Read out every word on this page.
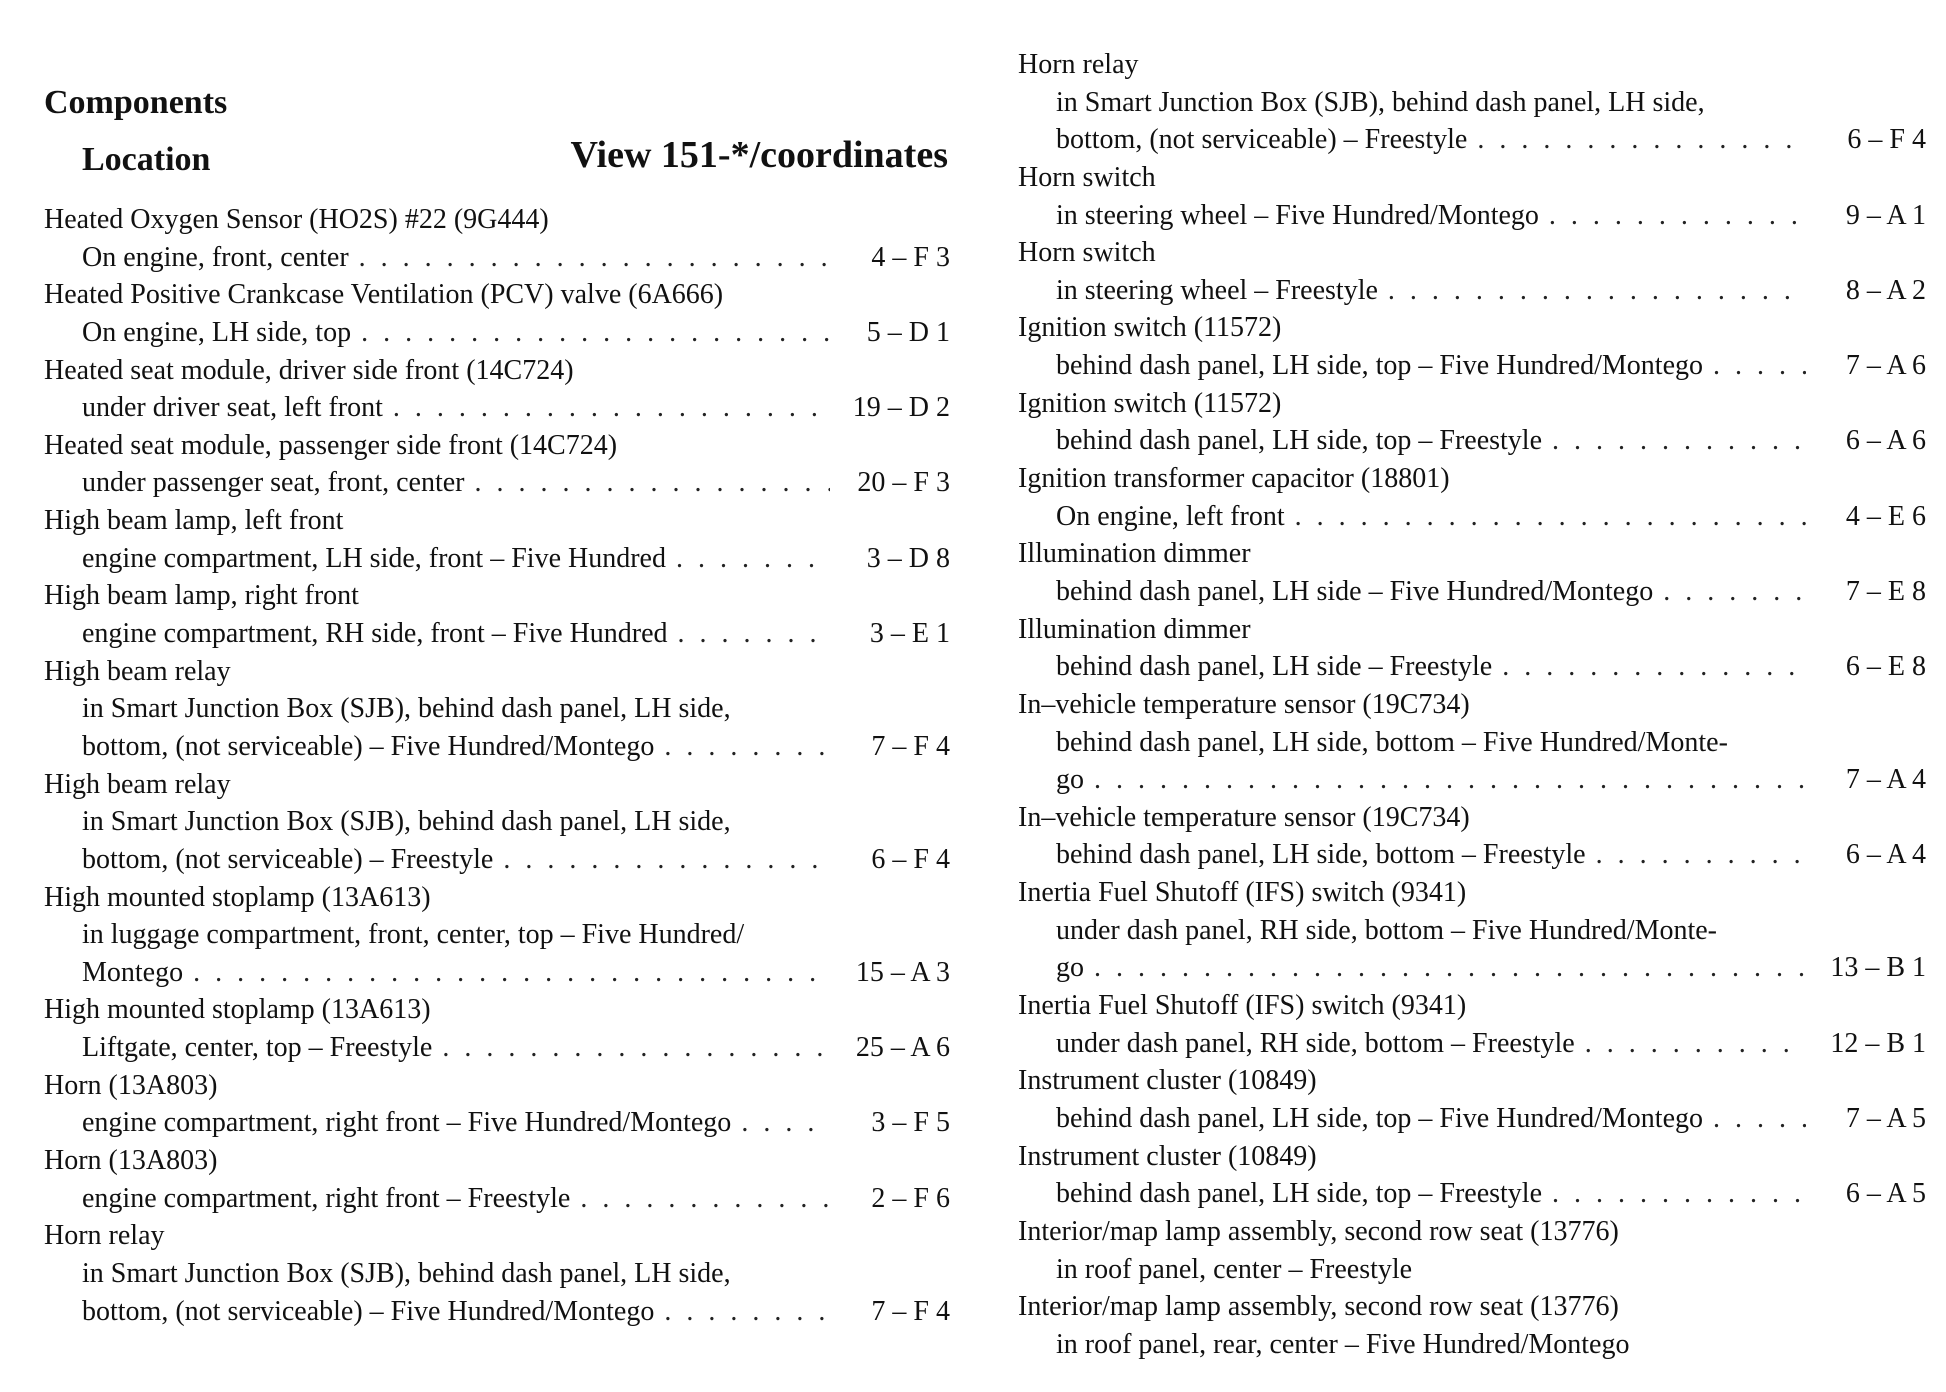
Components
Location	View 151-*/coordinates
Heated Oxygen Sensor (HO2S) #22 (9G444)
On engine, front, center . . .	4 – F 3
Heated Positive Crankcase Ventilation (PCV) valve (6A666)
On engine, LH side, top . . .	5 – D 1
Heated seat module, driver side front (14C724)
under driver seat, left front . . .	19 – D 2
Heated seat module, passenger side front (14C724)
under passenger seat, front, center . . .	20 – F 3
High beam lamp, left front
engine compartment, LH side, front – Five Hundred . . .	3 – D 8
High beam lamp, right front
engine compartment, RH side, front – Five Hundred . . .	3 – E 1
High beam relay
in Smart Junction Box (SJB), behind dash panel, LH side,
bottom, (not serviceable) – Five Hundred/Montego . . .	7 – F 4
High beam relay
in Smart Junction Box (SJB), behind dash panel, LH side,
bottom, (not serviceable) – Freestyle . . .	6 – F 4
High mounted stoplamp (13A613)
in luggage compartment, front, center, top – Five Hundred/
Montego . . .	15 – A 3
High mounted stoplamp (13A613)
Liftgate, center, top – Freestyle . . .	25 – A 6
Horn (13A803)
engine compartment, right front – Five Hundred/Montego . . .	3 – F 5
Horn (13A803)
engine compartment, right front – Freestyle . . .	2 – F 6
Horn relay
in Smart Junction Box (SJB), behind dash panel, LH side,
bottom, (not serviceable) – Five Hundred/Montego . . .	7 – F 4
Horn relay
in Smart Junction Box (SJB), behind dash panel, LH side,
bottom, (not serviceable) – Freestyle . . .	6 – F 4
Horn switch
in steering wheel – Five Hundred/Montego . . .	9 – A 1
Horn switch
in steering wheel – Freestyle . . .	8 – A 2
Ignition switch (11572)
behind dash panel, LH side, top – Five Hundred/Montego . . .	7 – A 6
Ignition switch (11572)
behind dash panel, LH side, top – Freestyle . . .	6 – A 6
Ignition transformer capacitor (18801)
On engine, left front . . .	4 – E 6
Illumination dimmer
behind dash panel, LH side – Five Hundred/Montego . . .	7 – E 8
Illumination dimmer
behind dash panel, LH side – Freestyle . . .	6 – E 8
In–vehicle temperature sensor (19C734)
behind dash panel, LH side, bottom – Five Hundred/Monte-
go . . .	7 – A 4
In–vehicle temperature sensor (19C734)
behind dash panel, LH side, bottom – Freestyle . . .	6 – A 4
Inertia Fuel Shutoff (IFS) switch (9341)
under dash panel, RH side, bottom – Five Hundred/Monte-
go . . .	13 – B 1
Inertia Fuel Shutoff (IFS) switch (9341)
under dash panel, RH side, bottom – Freestyle . . .	12 – B 1
Instrument cluster (10849)
behind dash panel, LH side, top – Five Hundred/Montego . . .	7 – A 5
Instrument cluster (10849)
behind dash panel, LH side, top – Freestyle . . .	6 – A 5
Interior/map lamp assembly, second row seat (13776)
in roof panel, center – Freestyle
Interior/map lamp assembly, second row seat (13776)
in roof panel, rear, center – Five Hundred/Montego
